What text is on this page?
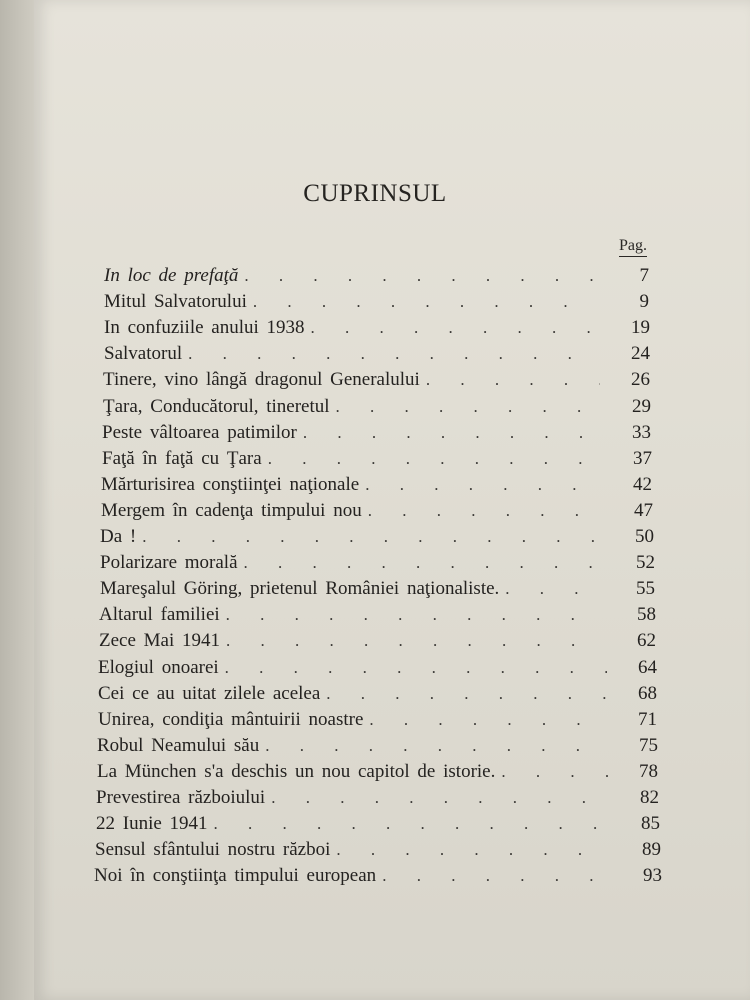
CUPRINSUL
Pag.
In loc de prefaţă . . .	7
Mitul Salvatorului . . .	9
In confuziile anului 1938 . . .	19
Salvatorul . . .	24
Tinere, vino lângă dragonul Generalului . . .	26
Ţara, Conducătorul, tineretul . . .	29
Peste vâltoarea patimilor . . .	33
Faţă în faţă cu Ţara . . .	37
Mărturisirea conştiinţei naţionale . . .	42
Mergem în cadenţa timpului nou . . .	47
Da ! . . .	50
Polarizare morală . . .	52
Mareşalul Göring, prietenul României naţionaliste. . . .	55
Altarul familiei . . .	58
Zece Mai 1941 . . .	62
Elogiul onoarei . . .	64
Cei ce au uitat zilele acelea . . .	68
Unirea, condiţia mântuirii noastre . . .	71
Robul Neamului său . . .	75
La München s'a deschis un nou capitol de istorie. . . .	78
Prevestirea războiului . . .	82
22 Iunie 1941 . . .	85
Sensul sfântului nostru război . . .	89
Noi în conştiinţa timpului european . . .	93
